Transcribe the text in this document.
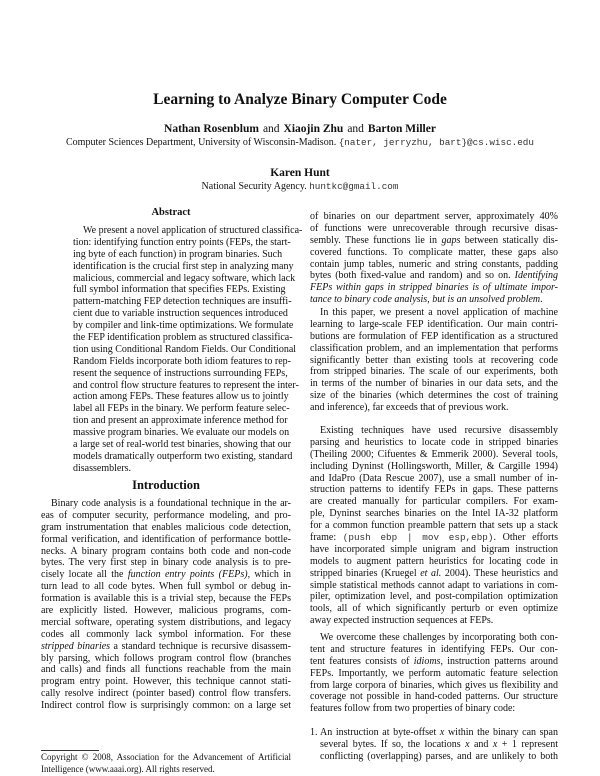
Learning to Analyze Binary Computer Code
Nathan Rosenblum and Xiaojin Zhu and Barton Miller
Computer Sciences Department, University of Wisconsin-Madison. {nater, jerryzhu, bart}@cs.wisc.edu
Karen Hunt
National Security Agency. huntkc@gmail.com
Abstract
We present a novel application of structured classifica-
tion: identifying function entry points (FEPs, the start-
ing byte of each function) in program binaries. Such
identification is the crucial first step in analyzing many
malicious, commercial and legacy software, which lack
full symbol information that specifies FEPs. Existing
pattern-matching FEP detection techniques are insuffi-
cient due to variable instruction sequences introduced
by compiler and link-time optimizations. We formulate
the FEP identification problem as structured classifica-
tion using Conditional Random Fields. Our Conditional
Random Fields incorporate both idiom features to rep-
resent the sequence of instructions surrounding FEPs,
and control flow structure features to represent the inter-
action among FEPs. These features allow us to jointly
label all FEPs in the binary. We perform feature selec-
tion and present an approximate inference method for
massive program binaries. We evaluate our models on
a large set of real-world test binaries, showing that our
models dramatically outperform two existing, standard
disassemblers.
Introduction
Binary code analysis is a foundational technique in the ar-
eas of computer security, performance modeling, and pro-
gram instrumentation that enables malicious code detection,
formal verification, and identification of performance bottle-
necks. A binary program contains both code and non-code
bytes. The very first step in binary code analysis is to pre-
cisely locate all the function entry points (FEPs), which in
turn lead to all code bytes. When full symbol or debug in-
formation is available this is a trivial step, because the FEPs
are explicitly listed. However, malicious programs, com-
mercial software, operating system distributions, and legacy
codes all commonly lack symbol information. For these
stripped binaries a standard technique is recursive disassem-
bly parsing, which follows program control flow (branches
and calls) and finds all functions reachable from the main
program entry point. However, this technique cannot stati-
cally resolve indirect (pointer based) control flow transfers.
Indirect control flow is surprisingly common: on a large set
of binaries on our department server, approximately 40%
of functions were unrecoverable through recursive disas-
sembly. These functions lie in gaps between statically dis-
covered functions. To complicate matter, these gaps also
contain jump tables, numeric and string constants, padding
bytes (both fixed-value and random) and so on. Identifying
FEPs within gaps in stripped binaries is of ultimate impor-
tance to binary code analysis, but is an unsolved problem.
In this paper, we present a novel application of machine
learning to large-scale FEP identification. Our main contri-
butions are formulation of FEP identification as a structured
classification problem, and an implementation that performs
significantly better than existing tools at recovering code
from stripped binaries. The scale of our experiments, both
in terms of the number of binaries in our data sets, and the
size of the binaries (which determines the cost of training
and inference), far exceeds that of previous work.
Existing techniques have used recursive disassembly
parsing and heuristics to locate code in stripped binaries
(Theiling 2000; Cifuentes & Emmerik 2000). Several tools,
including Dyninst (Hollingsworth, Miller, & Cargille 1994)
and IdaPro (Data Rescue 2007), use a small number of in-
struction patterns to identify FEPs in gaps. These patterns
are created manually for particular compilers. For exam-
ple, Dyninst searches binaries on the Intel IA-32 platform
for a common function preamble pattern that sets up a stack
frame: (push ebp | mov esp,ebp). Other efforts
have incorporated simple unigram and bigram instruction
models to augment pattern heuristics for locating code in
stripped binaries (Kruegel et al. 2004). These heuristics and
simple statistical methods cannot adapt to variations in com-
piler, optimization level, and post-compilation optimization
tools, all of which significantly perturb or even optimize
away expected instruction sequences at FEPs.
We overcome these challenges by incorporating both con-
tent and structure features in identifying FEPs. Our con-
tent features consists of idioms, instruction patterns around
FEPs. Importantly, we perform automatic feature selection
from large corpora of binaries, which gives us flexibility and
coverage not possible in hand-coded patterns. Our structure
features follow from two properties of binary code:
1. An instruction at byte-offset x within the binary can span
several bytes. If so, the locations x and x + 1 represent
conflicting (overlapping) parses, and are unlikely to both
Copyright © 2008, Association for the Advancement of Artificial
Intelligence (www.aaai.org). All rights reserved.
